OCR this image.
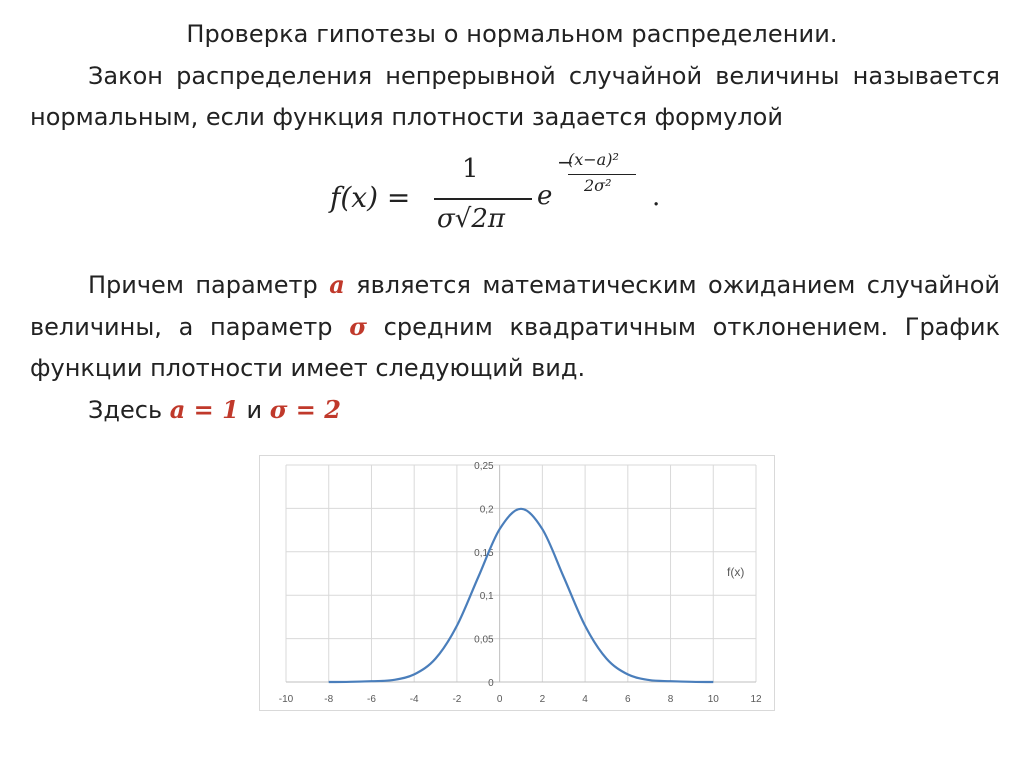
Проверка гипотезы о нормальном распределении.
Закон распределения непрерывной случайной величины называется нормальным, если функция плотности задается формулой
f(x) =
1
σ√2π
e
−
(x−a)²
2σ² .
Причем параметр a является математическим ожиданием случайной величины, а параметр σ средним квадратичным отклонением. График функции плотности имеет следующий вид.
Здесь a = 1 и σ = 2
-10	-8	-6	-4	-2	0	2	4	6	8	10	12
0
0,05
0,1
0,15
0,2
0,25
f(x)
